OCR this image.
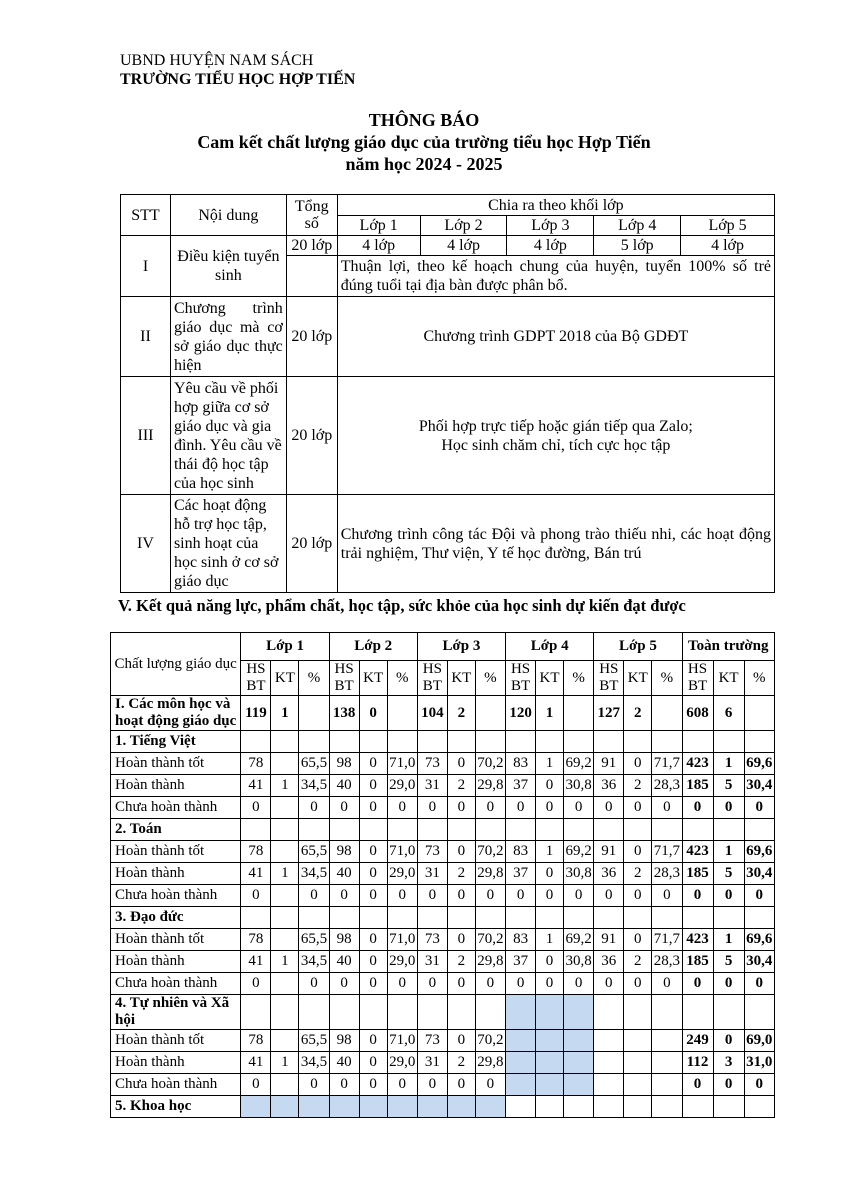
UBND HUYỆN NAM SÁCH
TRƯỜNG TIỂU HỌC HỢP TIẾN
THÔNG BÁO
Cam kết chất lượng giáo dục của trường tiểu học Hợp Tiến
năm học 2024 - 2025
STT	Nội dung	Tổng số	Chia ra theo khối lớp				
			Lớp 1	Lớp 2	Lớp 3	Lớp 4	Lớp 5
I	Điều kiện tuyển sinh	20 lớp	4 lớp	4 lớp	4 lớp	5 lớp	4 lớp
			Thuận lợi, theo kế hoạch chung của huyện, tuyển 100% số trẻ đúng tuổi tại địa bàn được phân bổ.				
II	Chương trình giáo dục mà cơ sở giáo dục thực hiện	20 lớp	Chương trình GDPT 2018 của Bộ GDĐT				
III	Yêu cầu về phối hợp giữa cơ sở giáo dục và gia đình. Yêu cầu về thái độ học tập của học sinh	20 lớp	Phối hợp trực tiếp hoặc gián tiếp qua Zalo;
Học sinh chăm chỉ, tích cực học tập				

IV	Các hoạt động hỗ trợ học tập, sinh hoạt của học sinh ở cơ sở giáo dục	20 lớp	Chương trình công tác Đội và phong trào thiếu nhi, các hoạt động trải nghiệm, Thư viện, Y tế học đường, Bán trú				
V. Kết quả năng lực, phẩm chất, học tập, sức khỏe của học sinh dự kiến đạt được
Chất lượng giáo dục	Lớp 1			Lớp 2			Lớp 3			Lớp 4			Lớp 5			Toàn trường		
	HS BT	KT	%	HS BT	KT	%	HS BT	KT	%	HS BT	KT	%	HS BT	KT	%	HS BT	KT	%
I. Các môn học và hoạt động giáo dục	119	1		138	0		104	2		120	1		127	2		608	6	
1. Tiếng Việt																		
Hoàn thành tốt	78		65,5	98	0	71,0	73	0	70,2	83	1	69,2	91	0	71,7	423	1	69,6
Hoàn thành	41	1	34,5	40	0	29,0	31	2	29,8	37	0	30,8	36	2	28,3	185	5	30,4
Chưa hoàn thành	0		0	0	0	0	0	0	0	0	0	0	0	0	0	0	0	0
2. Toán																		
Hoàn thành tốt	78		65,5	98	0	71,0	73	0	70,2	83	1	69,2	91	0	71,7	423	1	69,6
Hoàn thành	41	1	34,5	40	0	29,0	31	2	29,8	37	0	30,8	36	2	28,3	185	5	30,4
Chưa hoàn thành	0		0	0	0	0	0	0	0	0	0	0	0	0	0	0	0	0
3. Đạo đức																		
Hoàn thành tốt	78		65,5	98	0	71,0	73	0	70,2	83	1	69,2	91	0	71,7	423	1	69,6
Hoàn thành	41	1	34,5	40	0	29,0	31	2	29,8	37	0	30,8	36	2	28,3	185	5	30,4
Chưa hoàn thành	0		0	0	0	0	0	0	0	0	0	0	0	0	0	0	0	0
4. Tự nhiên và Xã hội																		
Hoàn thành tốt	78		65,5	98	0	71,0	73	0	70,2							249	0	69,0
Hoàn thành	41	1	34,5	40	0	29,0	31	2	29,8							112	3	31,0
Chưa hoàn thành	0		0	0	0	0	0	0	0							0	0	0
5. Khoa học																		
